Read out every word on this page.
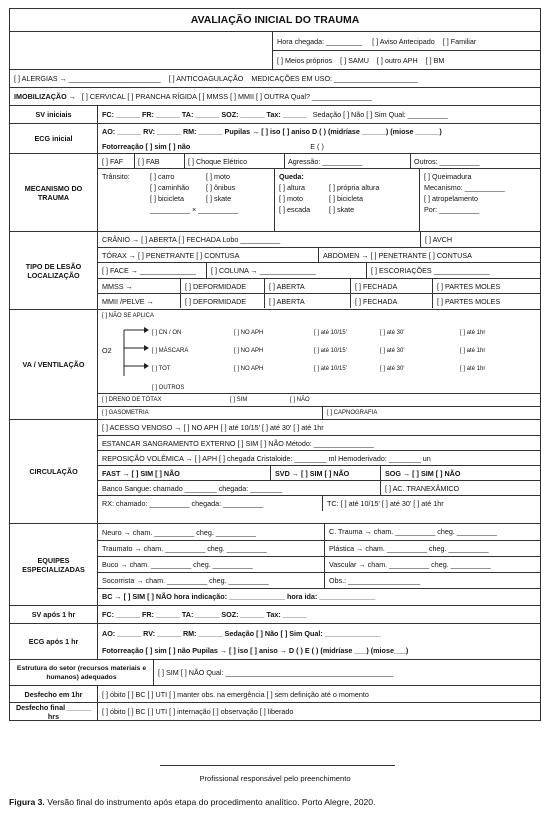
AVALIAÇÃO INICIAL DO TRAUMA
Hora chegada: _________ [ ] Aviso Antecipado [ ] Familiar
[ ] Meios próprios [ ] SAMU [ ] outro APH [ ] BM
[ ] ALERGIAS → _______________________ [ ] ANTICOAGULAÇÃO MEDICAÇÕES EM USO: _____________________
IMOBILIZAÇÃO → [ ] CERVICAL [ ] PRANCHA RÍGIDA [ ] MMSS [ ] MMII [ ] OUTRA Qual? _______________
SV iniciais	FC: ______ FR: ______ TA: ______ SOZ: ______ Tax: ______ Sedação [ ] Não [ ] Sim Qual: __________
ECG inicial
AO: ______ RV: ______ RM: ______ Pupilas → [ ] iso [ ] aniso D ( ) (midríase ______) (miose ______)
Fotorreação [ ] sim [ ] não	E ( )
MECANISMO DO TRAUMA
[ ] FAF	[ ] FAB	[ ] Choque Elétrico	Agressão: __________	Outros: __________
Trânsito:	[ ] carro	[ ] moto
[ ] caminhão	[ ] ônibus
[ ] bicicleta	[ ] skate
__________ × __________
Queda:
[ ] altura	[ ] própria altura
[ ] moto	[ ] bicicleta
[ ] escada	[ ] skate
[ ] Queimadura
Mecanismo: __________
[ ] atropelamento
Por: __________
TIPO DE LESÃO LOCALIZAÇÃO
CRÂNIO → [ ] ABERTA [ ] FECHADA Lobo __________	[ ] AVCH
TÓRAX → [ ] PENETRANTE [ ] CONTUSA	ABDOMEN → [ ] PENETRANTE [ ] CONTUSA
[ ] FACE → ______________	[ ] COLUNA → ______________	[ ] ESCORIAÇÕES ______________
MMSS →	[ ] DEFORMIDADE	[ ] ABERTA	[ ] FECHADA	[ ] PARTES MOLES
MMII /PELVE →	[ ] DEFORMIDADE	[ ] ABERTA	[ ] FECHADA	[ ] PARTES MOLES
VA / VENTILAÇÃO
[ ] NÃO SE APLICA
O2
[ ] CN / ON	[ ] NO APH	[ ] até 10/15'	[ ] até 30'	[ ] até 1hr
[ ] MÁSCARA	[ ] NO APH	[ ] até 10/15'	[ ] até 30'	[ ] até 1hr
[ ] TOT	[ ] NO APH	[ ] até 10/15'	[ ] até 30'	[ ] até 1hr
[ ] OUTROS
[ ] DRENO DE TÓTAX	[ ] SIM	[ ] NÃO
[ ] GASOMETRIA	[ ] CAPNOGRAFIA
CIRCULAÇÃO
[ ] ACESSO VENOSO → [ ] NO APH [ ] até 10/15' [ ] até 30' [ ] até 1hr
ESTANCAR SANGRAMENTO EXTERNO [ ] SIM [ ] NÃO Método: _______________
REPOSIÇÃO VOLÊMICA → [ ] APH [ ] chegada Cristaloide: ________ ml Hemoderivado: ________ un
FAST → [ ] SIM [ ] NÃO	SVD → [ ] SIM [ ] NÃO	SOG → [ ] SIM [ ] NÃO
Banco Sangue: chamado ________ chegada: ________	[ ] AC. TRANEXÂMICO
RX: chamado: __________ chegada: __________	TC: [ ] até 10/15' [ ] até 30' [ ] até 1hr
EQUIPES ESPECIALIZADAS
Neuro → cham. __________ cheg. __________	C. Trauma → cham. __________ cheg. __________
Traumato → cham. __________ cheg. __________	Plástica → cham. __________ cheg. __________
Buco → cham. __________ cheg. __________	Vascular → cham. __________ cheg. __________
Socorrista → cham. __________ cheg. __________	Obs.: __________________
BC → [ ] SIM [ ] NÃO hora indicação: ______________ hora ida: ______________
SV após 1 hr	FC: ______ FR: ______ TA: ______ SOZ: ______ Tax: ______
ECG após 1 hr
AO: ______ RV: ______ RM: ______ Sedação [ ] Não [ ] Sim Qual: ______________
Fotorreação [ ] sim [ ] não Pupilas → [ ] iso [ ] aniso → D ( ) E ( ) (midríase ___) (miose___)
Estrutura do setor (recursos materiais e humanos) adequados	[ ] SIM [ ] NÃO Qual: __________________________________________
Desfecho em 1hr	[ ] óbito [ ] BC [ ] UTI [ ] manter obs. na emergência [ ] sem definição até o momento
Desfecho final ______ hrs	[ ] óbito [ ] BC [ ] UTI [ ] internação [ ] observação [ ] liberado
Profissional responsável pelo preenchimento
Figura 3. Versão final do instrumento após etapa do procedimento analítico. Porto Alegre, 2020.
